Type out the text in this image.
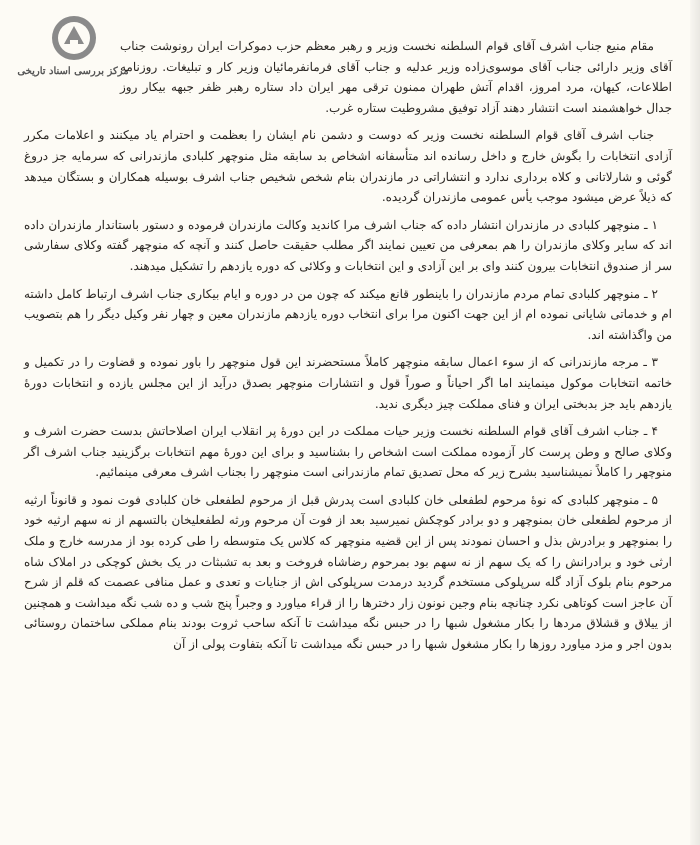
مرکز بررسی اسناد تاریخی

مقام منیع جناب اشرف آقای قوام السلطنه نخست وزیر و رهبر معظم حزب دموکرات ایران رونوشت جناب آقای وزیر دارائی جناب آقای موسوی‌زاده وزیر عدلیه و جناب آقای فرمانفرمائیان وزیر کار و تبلیغات. روزنامه اطلاعات، کیهان، مرد امروز، اقدام آتش طهران ممنون ترقی مهر ایران داد ستاره رهبر ظفر جبهه بیکار روز جدال خواهشمند است انتشار دهند آزاد توفیق مشروطیت ستاره غرب.

جناب اشرف آقای قوام السلطنه نخست وزیر که دوست و دشمن نام ایشان را بعظمت و احترام یاد میکنند و اعلامات مکرر آزادی انتخابات را بگوش خارج و داخل رسانده اند متأسفانه اشخاص بد سابقه مثل منوچهر کلبادی مازندرانی که سرمایه جز دروغ گوئی و شارلاتانی و کلاه برداری ندارد و انتشاراتی در مازندران بنام شخص شخیص جناب اشرف بوسیله همکاران و بستگان میدهد که ذیلاً عرض میشود موجب یأس عمومی مازندران گردیده.

۱ ـ منوچهر کلبادی در مازندران انتشار داده که جناب اشرف مرا کاندید وکالت مازندران فرموده و دستور باستاندار مازندران داده اند که سایر وکلای مازندران را هم بمعرفی من تعیین نمایند اگر مطلب حقیقت حاصل کنند و آنچه که منوچهر گفته وکلای سفارشی سر از صندوق انتخابات بیرون کنند وای بر این آزادی و این انتخابات و وکلائی که دوره یازدهم را تشکیل میدهند.

۲ ـ منوچهر کلبادی تمام مردم مازندران را باینطور قانع میکند که چون من در دوره و ایام بیکاری جناب اشرف ارتباط کامل داشته ام و خدماتی شایانی نموده ام از این جهت اکنون مرا برای انتخاب دوره یازدهم مازندران معین و چهار نفر وکیل دیگر را هم بتصویب من واگذاشته اند.

۳ ـ مرجه مازندرانی که از سوء اعمال سابقه منوچهر کاملاً مستحضرند این قول منوچهر را باور نموده و قضاوت را در تکمیل و خاتمه انتخابات موکول مینمایند اما اگر احیاناً و صوراً قول و انتشارات منوچهر بصدق درآید از این مجلس یازده و انتخابات دورهٔ یازدهم باید جز بدبختی ایران و فنای مملکت چیز دیگری ندید.

۴ ـ جناب اشرف آقای قوام السلطنه نخست وزیر حیات مملکت در این دورهٔ پر انقلاب ایران اصلاحاتش بدست حضرت اشرف و وکلای صالح و وطن پرست کار آزموده مملکت است اشخاص را بشناسید و برای این دورهٔ مهم انتخابات برگزینید جناب اشرف اگر منوچهر را کاملاً نمیشناسید بشرح زیر که محل تصدیق تمام مازندرانی است منوچهر را بجناب اشرف معرفی مینمائیم.

۵ ـ منوچهر کلبادی که نوهٔ مرحوم لطفعلی خان کلبادی است پدرش قبل از مرحوم لطفعلی خان کلبادی فوت نمود و قانوناً ارثیه از مرحوم لطفعلی خان بمنوچهر و دو برادر کوچکش نمیرسید بعد از فوت آن مرحوم ورثه لطفعلیخان بالتسهم از نه سهم ارثیه خود را بمنوچهر و برادرش بذل و احسان نمودند پس از این قضیه منوچهر که کلاس یک متوسطه را طی کرده بود از مدرسه خارج و ملک ارثی خود و برادرانش را که یک سهم از نه سهم بود بمرحوم رضاشاه فروخت و بعد به تشبثات در یک بخش کوچکی در املاک شاه مرحوم بنام بلوک آزاد گله سرپلوکی مستخدم گردید درمدت سرپلوکی اش از جنایات و تعدی و عمل منافی عصمت که قلم از شرح آن عاجز است کوتاهی نکرد چنانچه بنام وجین نونون زار دخترها را از قراء میاورد و وجبراً پنج شب و ده شب نگه میداشت و همچنین از ییلاق و قشلاق مردها را بکار مشغول شبها را در حبس نگه میداشت تا آنکه ساحب ثروت بودند بنام مملکی ساختمان روستائی بدون اجر و مزد میاورد روزها را بکار مشغول شبها را در حبس نگه میداشت تا آنکه بتفاوت پولی از آن
